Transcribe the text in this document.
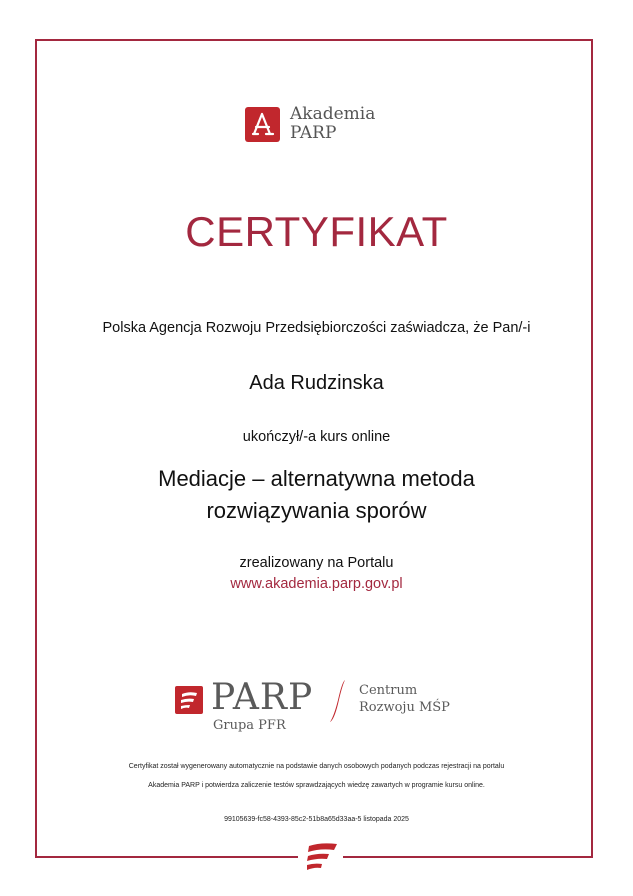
Akademia
PARP
CERTYFIKAT
Polska Agencja Rozwoju Przedsiębiorczości zaświadcza, że Pan/-i
Ada Rudzinska
ukończył/-a kurs online
Mediacje – alternatywna metoda
rozwiązywania sporów
zrealizowany na Portalu
www.akademia.parp.gov.pl
PARP
Grupa PFR
Centrum
Rozwoju MŚP
Certyfikat został wygenerowany automatycznie na podstawie danych osobowych podanych podczas rejestracji na portalu
Akademia PARP i potwierdza zaliczenie testów sprawdzających wiedzę zawartych w programie kursu online.
99105639-fc58-4393-85c2-51b8a65d33aa-5 listopada 2025
